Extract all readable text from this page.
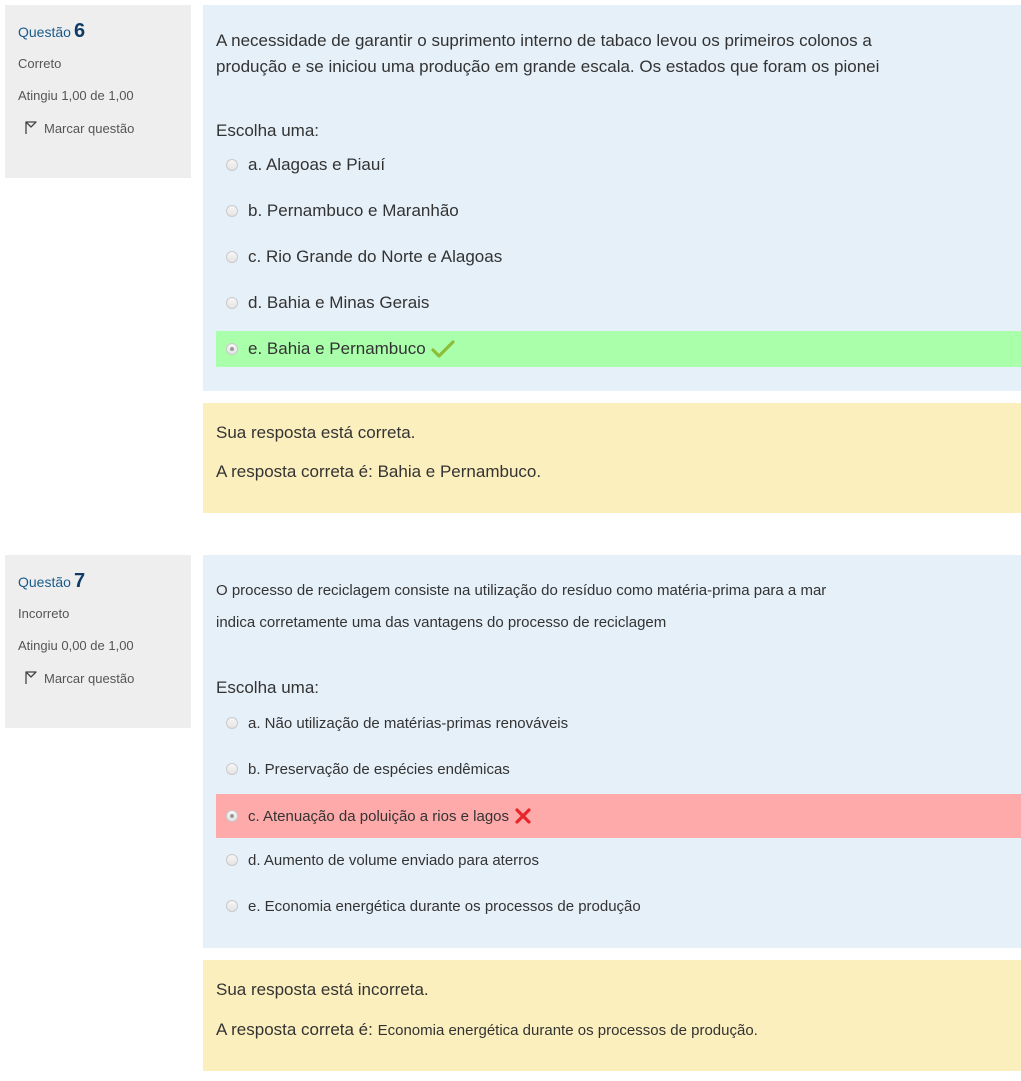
Questão 6
Correto
Atingiu 1,00 de 1,00
Marcar questão
A necessidade de garantir o suprimento interno de tabaco levou os primeiros colonos a
produção e se iniciou uma produção em grande escala. Os estados que foram os pionei
Escolha uma:
a. Alagoas e Piauí
b. Pernambuco e Maranhão
c. Rio Grande do Norte e Alagoas
d. Bahia e Minas Gerais
e. Bahia e Pernambuco
Sua resposta está correta.
A resposta correta é: Bahia e Pernambuco.
Questão 7
Incorreto
Atingiu 0,00 de 1,00
Marcar questão
O processo de reciclagem consiste na utilização do resíduo como matéria-prima para a mar
indica corretamente uma das vantagens do processo de reciclagem
Escolha uma:
a. Não utilização de matérias-primas renováveis
b. Preservação de espécies endêmicas
c. Atenuação da poluição a rios e lagos
d. Aumento de volume enviado para aterros
e. Economia energética durante os processos de produção
Sua resposta está incorreta.
A resposta correta é: Economia energética durante os processos de produção.
